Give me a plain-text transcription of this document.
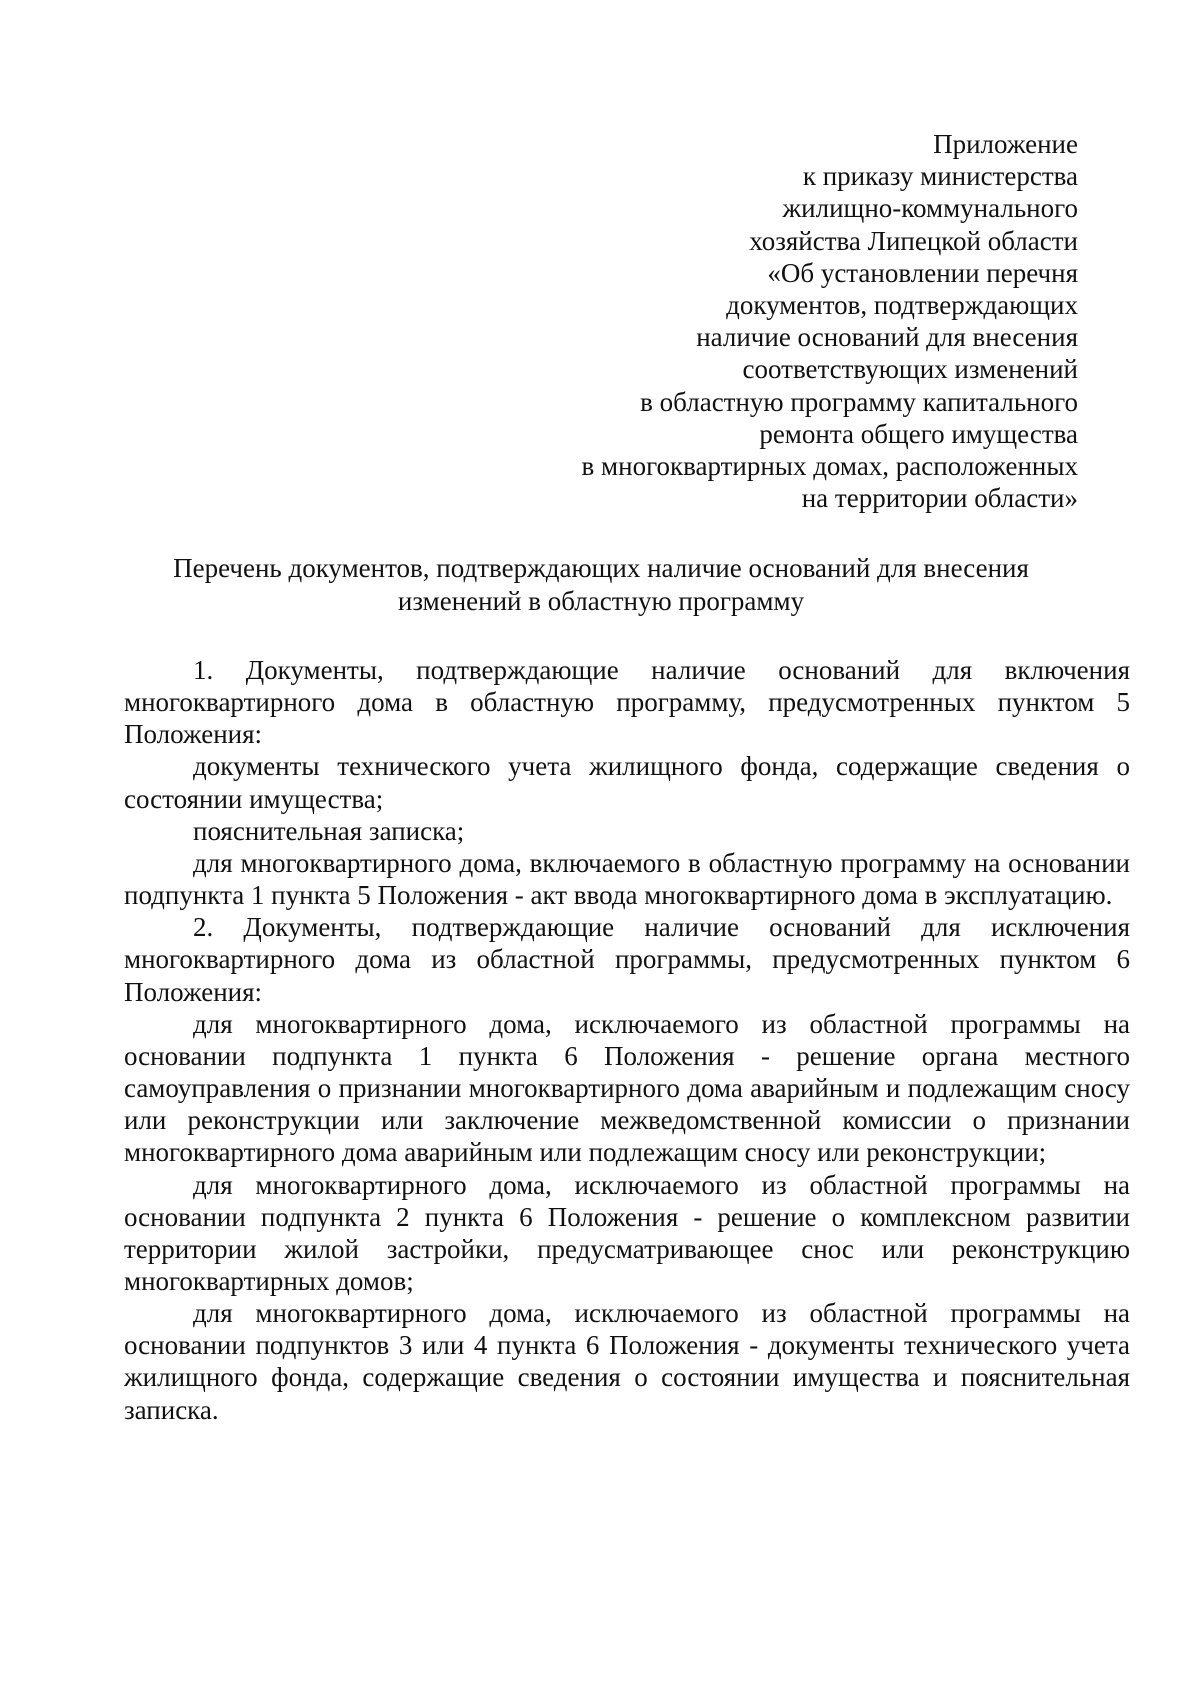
Приложение
к приказу министерства
жилищно-коммунального
хозяйства Липецкой области
«Об установлении перечня
документов, подтверждающих
наличие оснований для внесения
соответствующих изменений
в областную программу капитального
ремонта общего имущества
в многоквартирных домах, расположенных
на территории области»
Перечень документов, подтверждающих наличие оснований для внесения
изменений в областную программу

1. Документы, подтверждающие наличие оснований для включения многоквартирного дома в областную программу, предусмотренных пунктом 5 Положения:

документы технического учета жилищного фонда, содержащие сведения о состоянии имущества;

пояснительная записка;

для многоквартирного дома, включаемого в областную программу на основании подпункта 1 пункта 5 Положения - акт ввода многоквартирного дома в эксплуатацию.

2. Документы, подтверждающие наличие оснований для исключения многоквартирного дома из областной программы, предусмотренных пунктом 6 Положения:

для многоквартирного дома, исключаемого из областной программы на основании подпункта 1 пункта 6 Положения - решение органа местного самоуправления о признании многоквартирного дома аварийным и подлежащим сносу или реконструкции или заключение межведомственной комиссии о признании многоквартирного дома аварийным или подлежащим сносу или реконструкции;

для многоквартирного дома, исключаемого из областной программы на основании подпункта 2 пункта 6 Положения - решение о комплексном развитии территории жилой застройки, предусматривающее снос или реконструкцию многоквартирных домов;

для многоквартирного дома, исключаемого из областной программы на основании подпунктов 3 или 4 пункта 6 Положения - документы технического учета жилищного фонда, содержащие сведения о состоянии имущества и пояснительная записка.
